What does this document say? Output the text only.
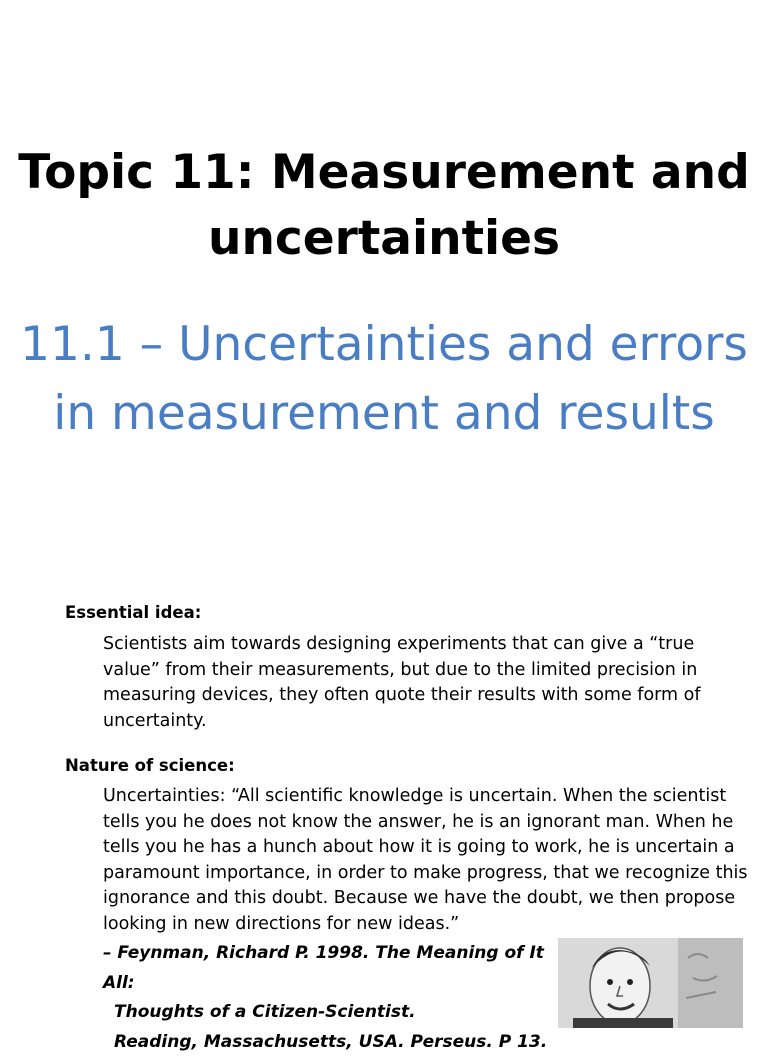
Topic 11: Measurement and uncertainties
11.1 – Uncertainties and errors in measurement and results
Essential idea:
Scientists aim towards designing experiments that can give a “true value” from their measurements, but due to the limited precision in measuring devices, they often quote their results with some form of uncertainty.
Nature of science:
Uncertainties: “All scientific knowledge is uncertain. When the scientist tells you he does not know the answer, he is an ignorant man. When he tells you he has a hunch about how it is going to work, he is uncertain a paramount importance, in order to make progress, that we recognize this ignorance and this doubt. Because we have the doubt, we then propose looking in new directions for new ideas.”
– Feynman, Richard P. 1998. The Meaning of It All:
Thoughts of a Citizen-Scientist.
Reading, Massachusetts, USA. Perseus. P 13.
